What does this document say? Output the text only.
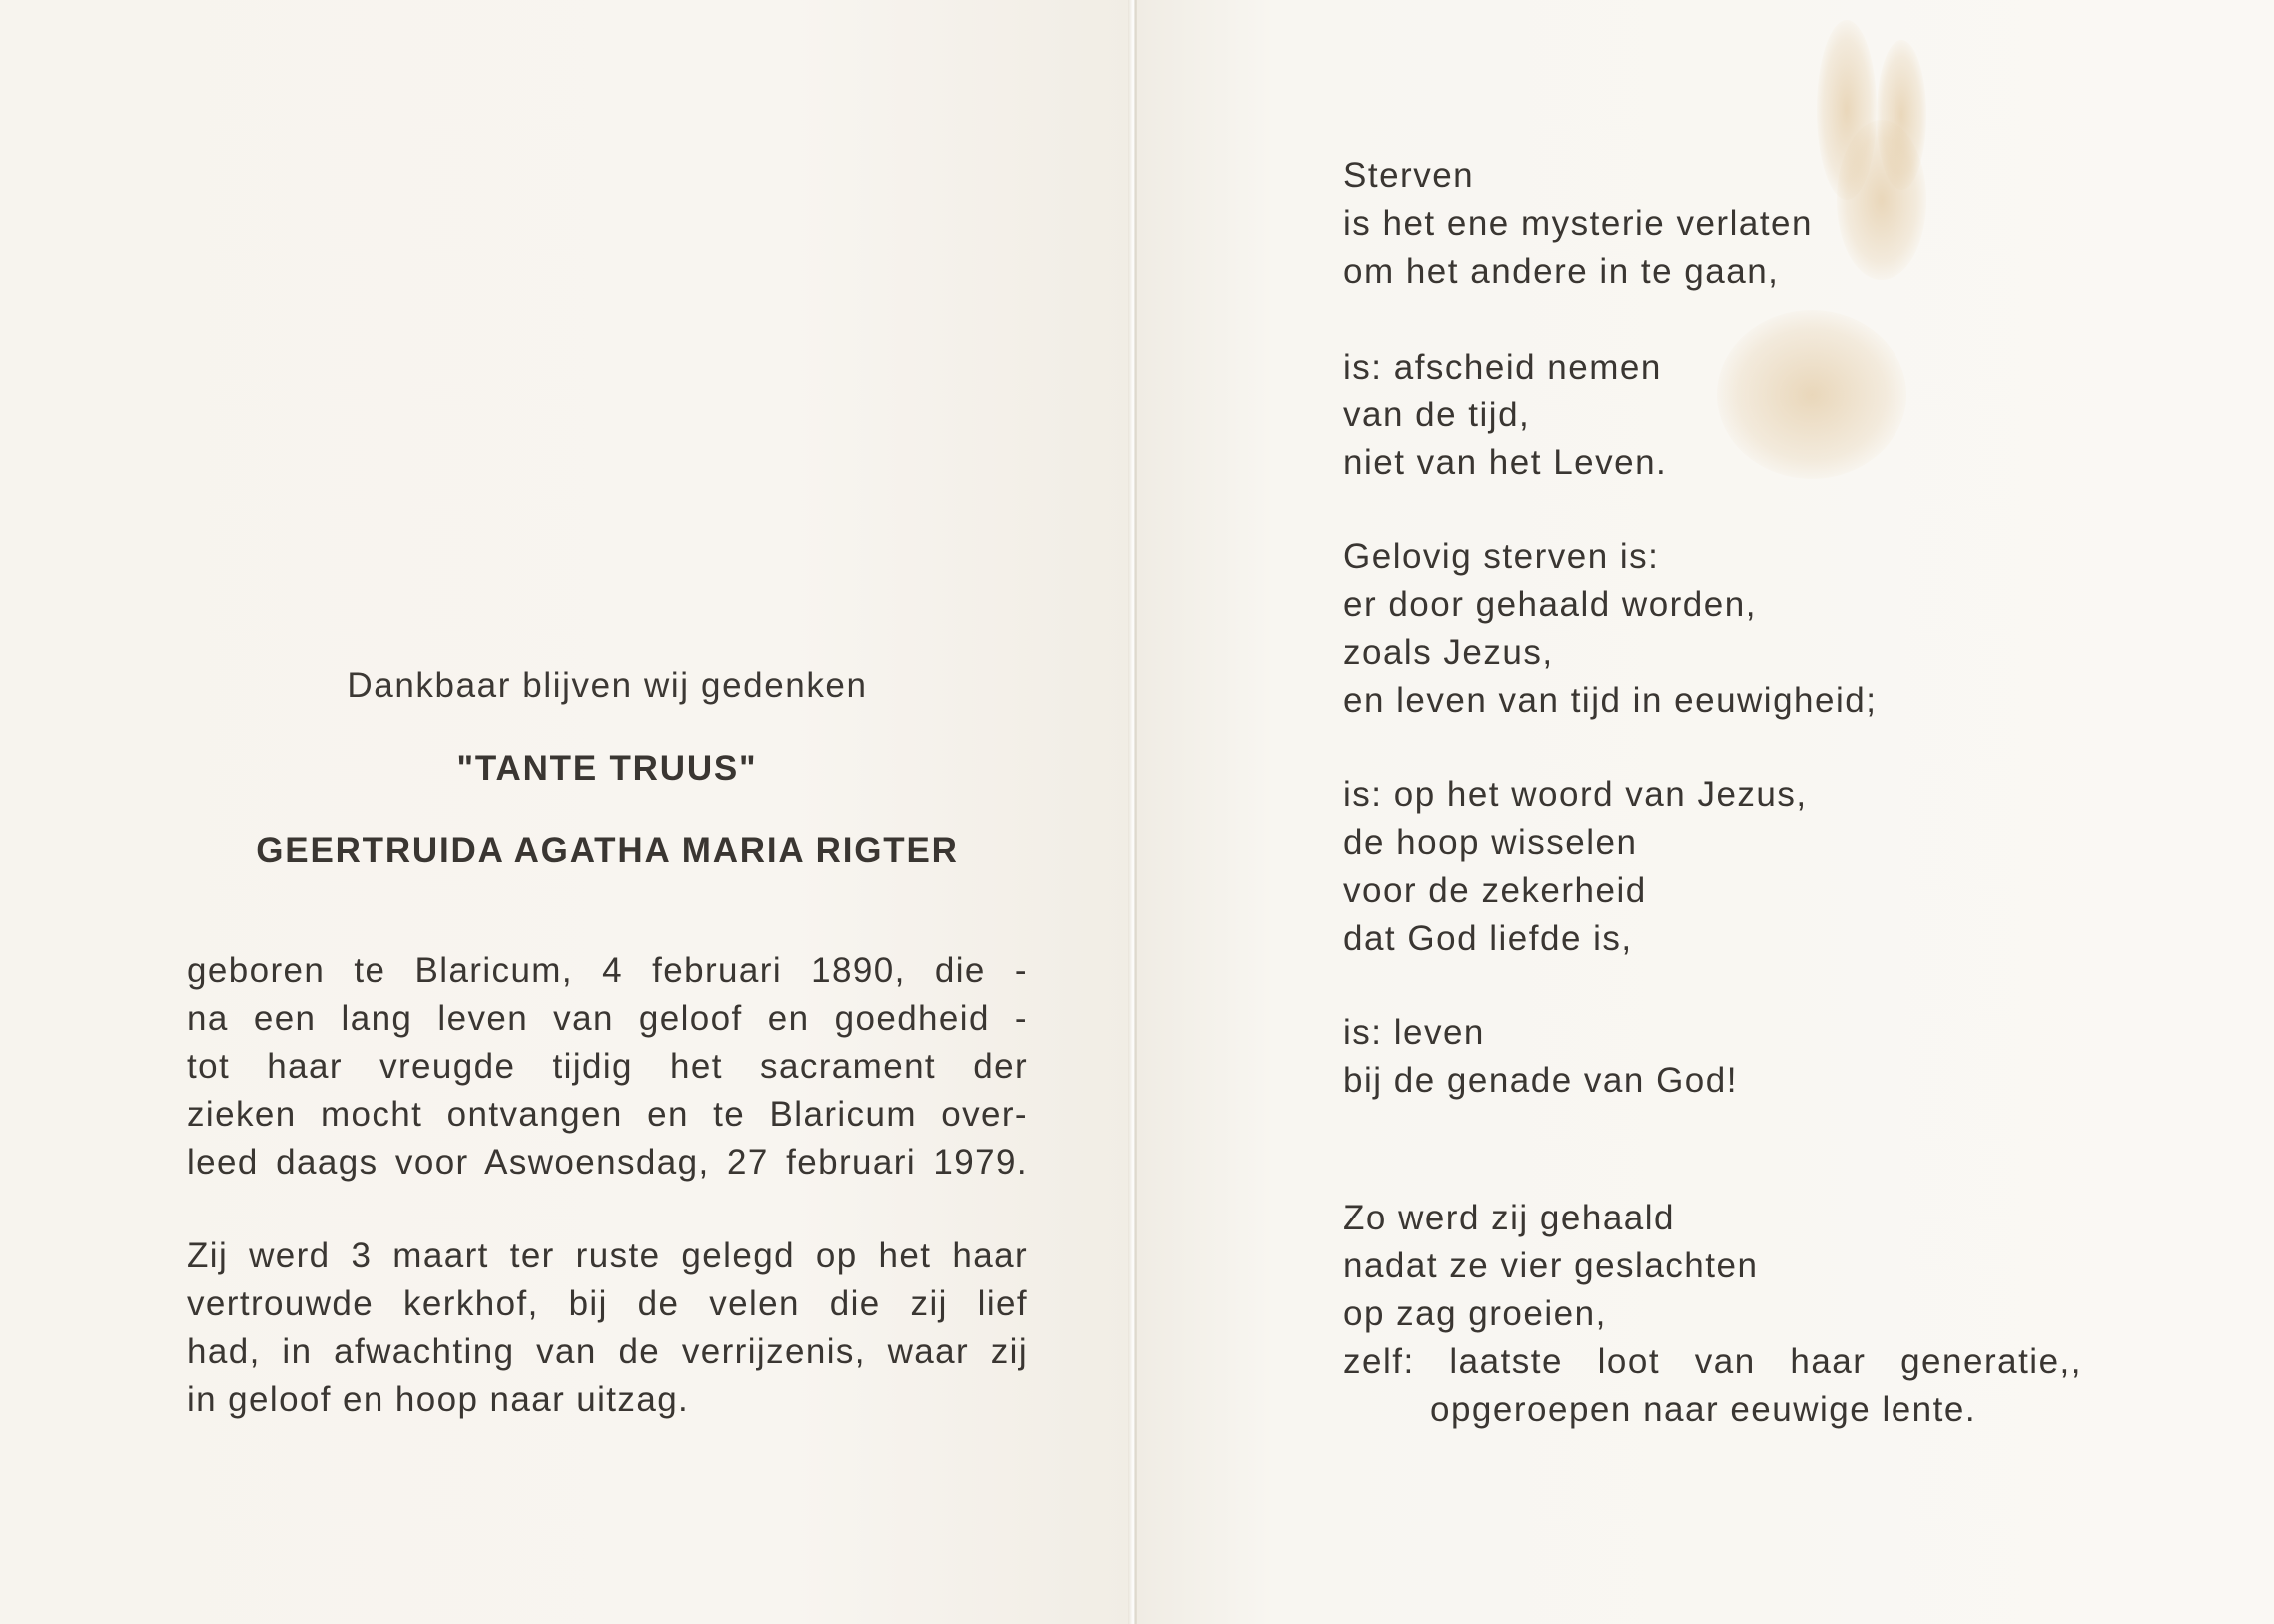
Dankbaar blijven wij gedenken
"TANTE TRUUS"
GEERTRUIDA AGATHA MARIA RIGTER
geboren te Blaricum, 4 februari 1890, die -
na een lang leven van geloof en goedheid -
tot haar vreugde tijdig het sacrament der
zieken mocht ontvangen en te Blaricum over-
leed daags voor Aswoensdag, 27 februari 1979.
Zij werd 3 maart ter ruste gelegd op het haar
vertrouwde kerkhof, bij de velen die zij lief
had, in afwachting van de verrijzenis, waar zij
in geloof en hoop naar uitzag.
Sterven
is het ene mysterie verlaten
om het andere in te gaan,
is: afscheid nemen
van de tijd,
niet van het Leven.
Gelovig sterven is:
er door gehaald worden,
zoals Jezus,
en leven van tijd in eeuwigheid;
is: op het woord van Jezus,
de hoop wisselen
voor de zekerheid
dat God liefde is,
is: leven
bij de genade van God!
Zo werd zij gehaald
nadat ze vier geslachten
op zag groeien,
zelf: laatste loot van haar generatie,,
opgeroepen naar eeuwige lente.
